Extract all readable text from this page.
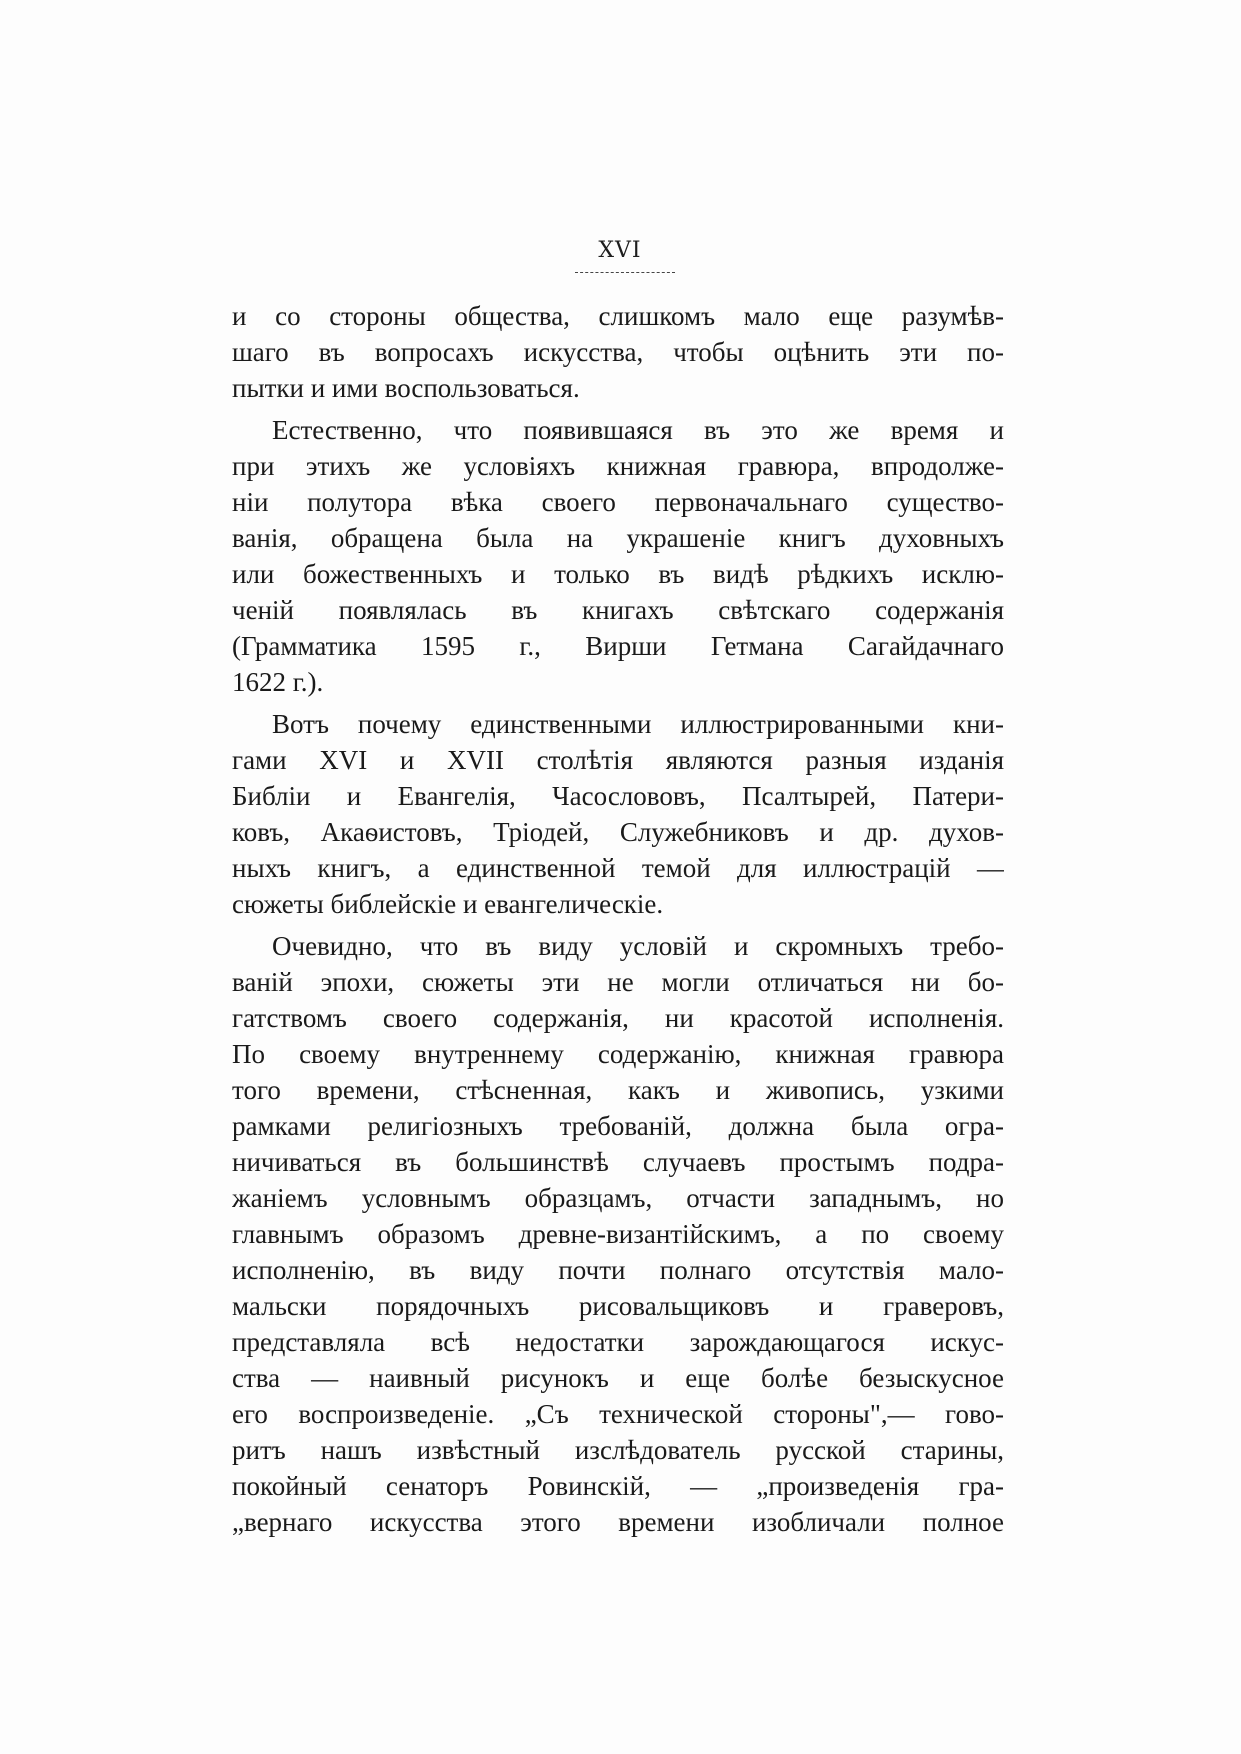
XVI
и со стороны общества, слишкомъ мало еще разумѣв-
шаго въ вопросахъ искусства, чтобы оцѣнить эти по-
пытки и ими воспользоваться.
Естественно, что появившаяся въ это же время и
при этихъ же условіяхъ книжная гравюра, впродолже-
ніи полутора вѣка своего первоначальнаго существо-
ванія, обращена была на украшеніе книгъ духовныхъ
или божественныхъ и только въ видѣ рѣдкихъ исклю-
ченій появлялась въ книгахъ свѣтскаго содержанія
(Грамматика 1595 г., Вирши Гетмана Сагайдачнаго
1622 г.).
Вотъ почему единственными иллюстрированными кни-
гами XVI и XVII столѣтія являются разныя изданія
Библіи и Евангелія, Часослововъ, Псалтырей, Патери-
ковъ, Акаѳистовъ, Тріодей, Служебниковъ и др. духов-
ныхъ книгъ, а единственной темой для иллюстрацій —
сюжеты библейскіе и евангелическіе.
Очевидно, что въ виду условій и скромныхъ требо-
ваній эпохи, сюжеты эти не могли отличаться ни бо-
гатствомъ своего содержанія, ни красотой исполненія.
По своему внутреннему содержанію, книжная гравюра
того времени, стѣсненная, какъ и живопись, узкими
рамками религіозныхъ требованій, должна была огра-
ничиваться въ большинствѣ случаевъ простымъ подра-
жаніемъ условнымъ образцамъ, отчасти западнымъ, но
главнымъ образомъ древне-византійскимъ, а по своему
исполненію, въ виду почти полнаго отсутствія мало-
мальски порядочныхъ рисовальщиковъ и граверовъ,
представляла всѣ недостатки зарождающагося искус-
ства — наивный рисунокъ и еще болѣе безыскусное
его воспроизведеніе. „Съ технической стороны",— гово-
ритъ нашъ извѣстный изслѣдователь русской старины,
покойный сенаторъ Ровинскій, — „произведенія гра-
„вернаго искусства этого времени изобличали полное
